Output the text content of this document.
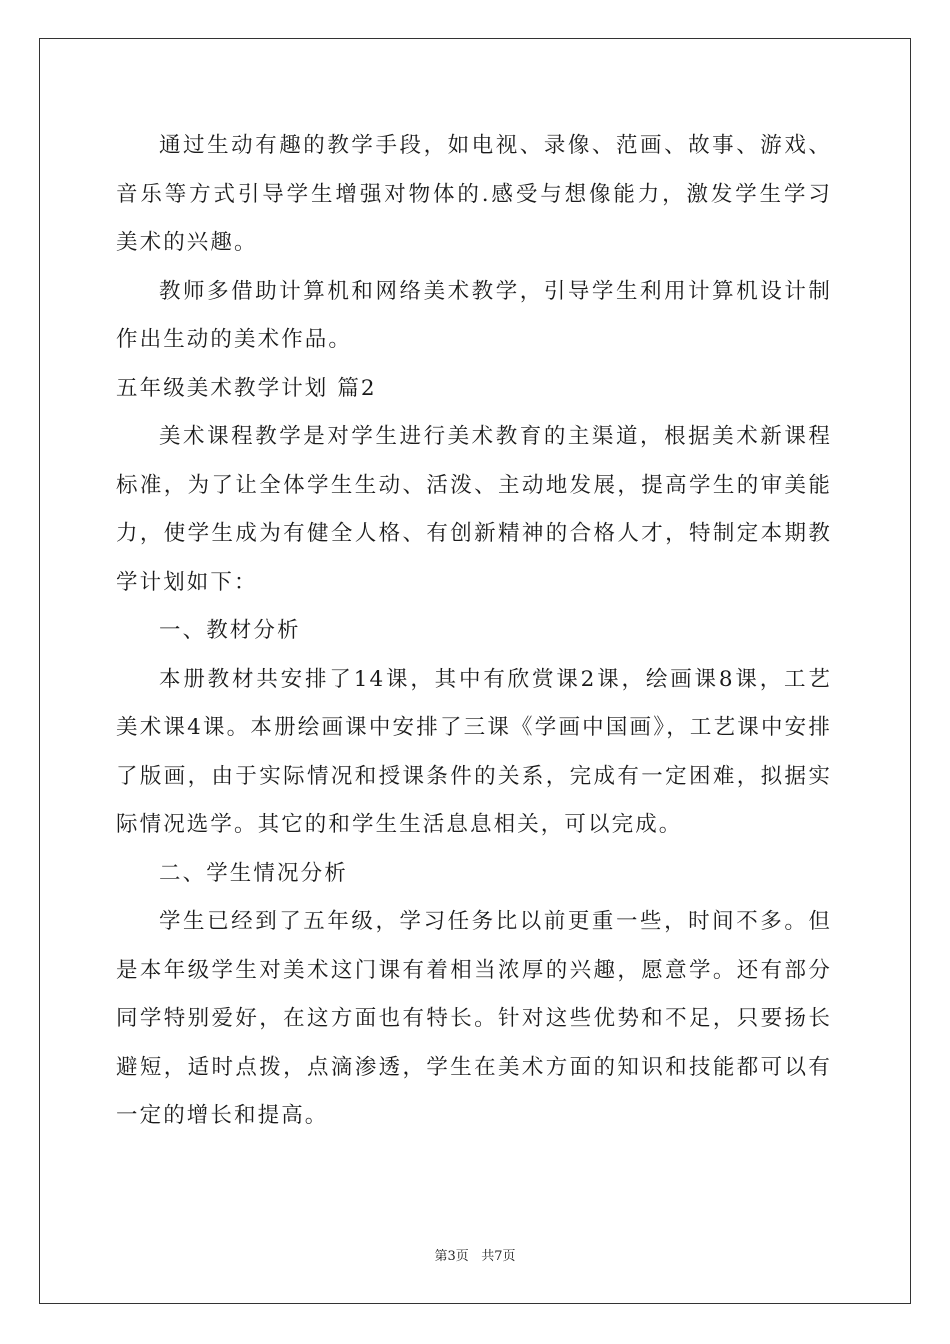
通过生动有趣的教学手段，如电视、录像、范画、故事、游戏、音乐等方式引导学生增强对物体的.感受与想像能力，激发学生学习美术的兴趣。

教师多借助计算机和网络美术教学，引导学生利用计算机设计制作出生动的美术作品。

五年级美术教学计划 篇2

美术课程教学是对学生进行美术教育的主渠道，根据美术新课程标准，为了让全体学生生动、活泼、主动地发展，提高学生的审美能力，使学生成为有健全人格、有创新精神的合格人才，特制定本期教学计划如下：

一、教材分析

本册教材共安排了14课，其中有欣赏课2课，绘画课8课，工艺美术课4课。本册绘画课中安排了三课《学画中国画》，工艺课中安排了版画，由于实际情况和授课条件的关系，完成有一定困难，拟据实际情况选学。其它的和学生生活息息相关，可以完成。

二、学生情况分析

学生已经到了五年级，学习任务比以前更重一些，时间不多。但是本年级学生对美术这门课有着相当浓厚的兴趣，愿意学。还有部分同学特别爱好，在这方面也有特长。针对这些优势和不足，只要扬长避短，适时点拨，点滴渗透，学生在美术方面的知识和技能都可以有一定的增长和提高。

第3页 共7页
